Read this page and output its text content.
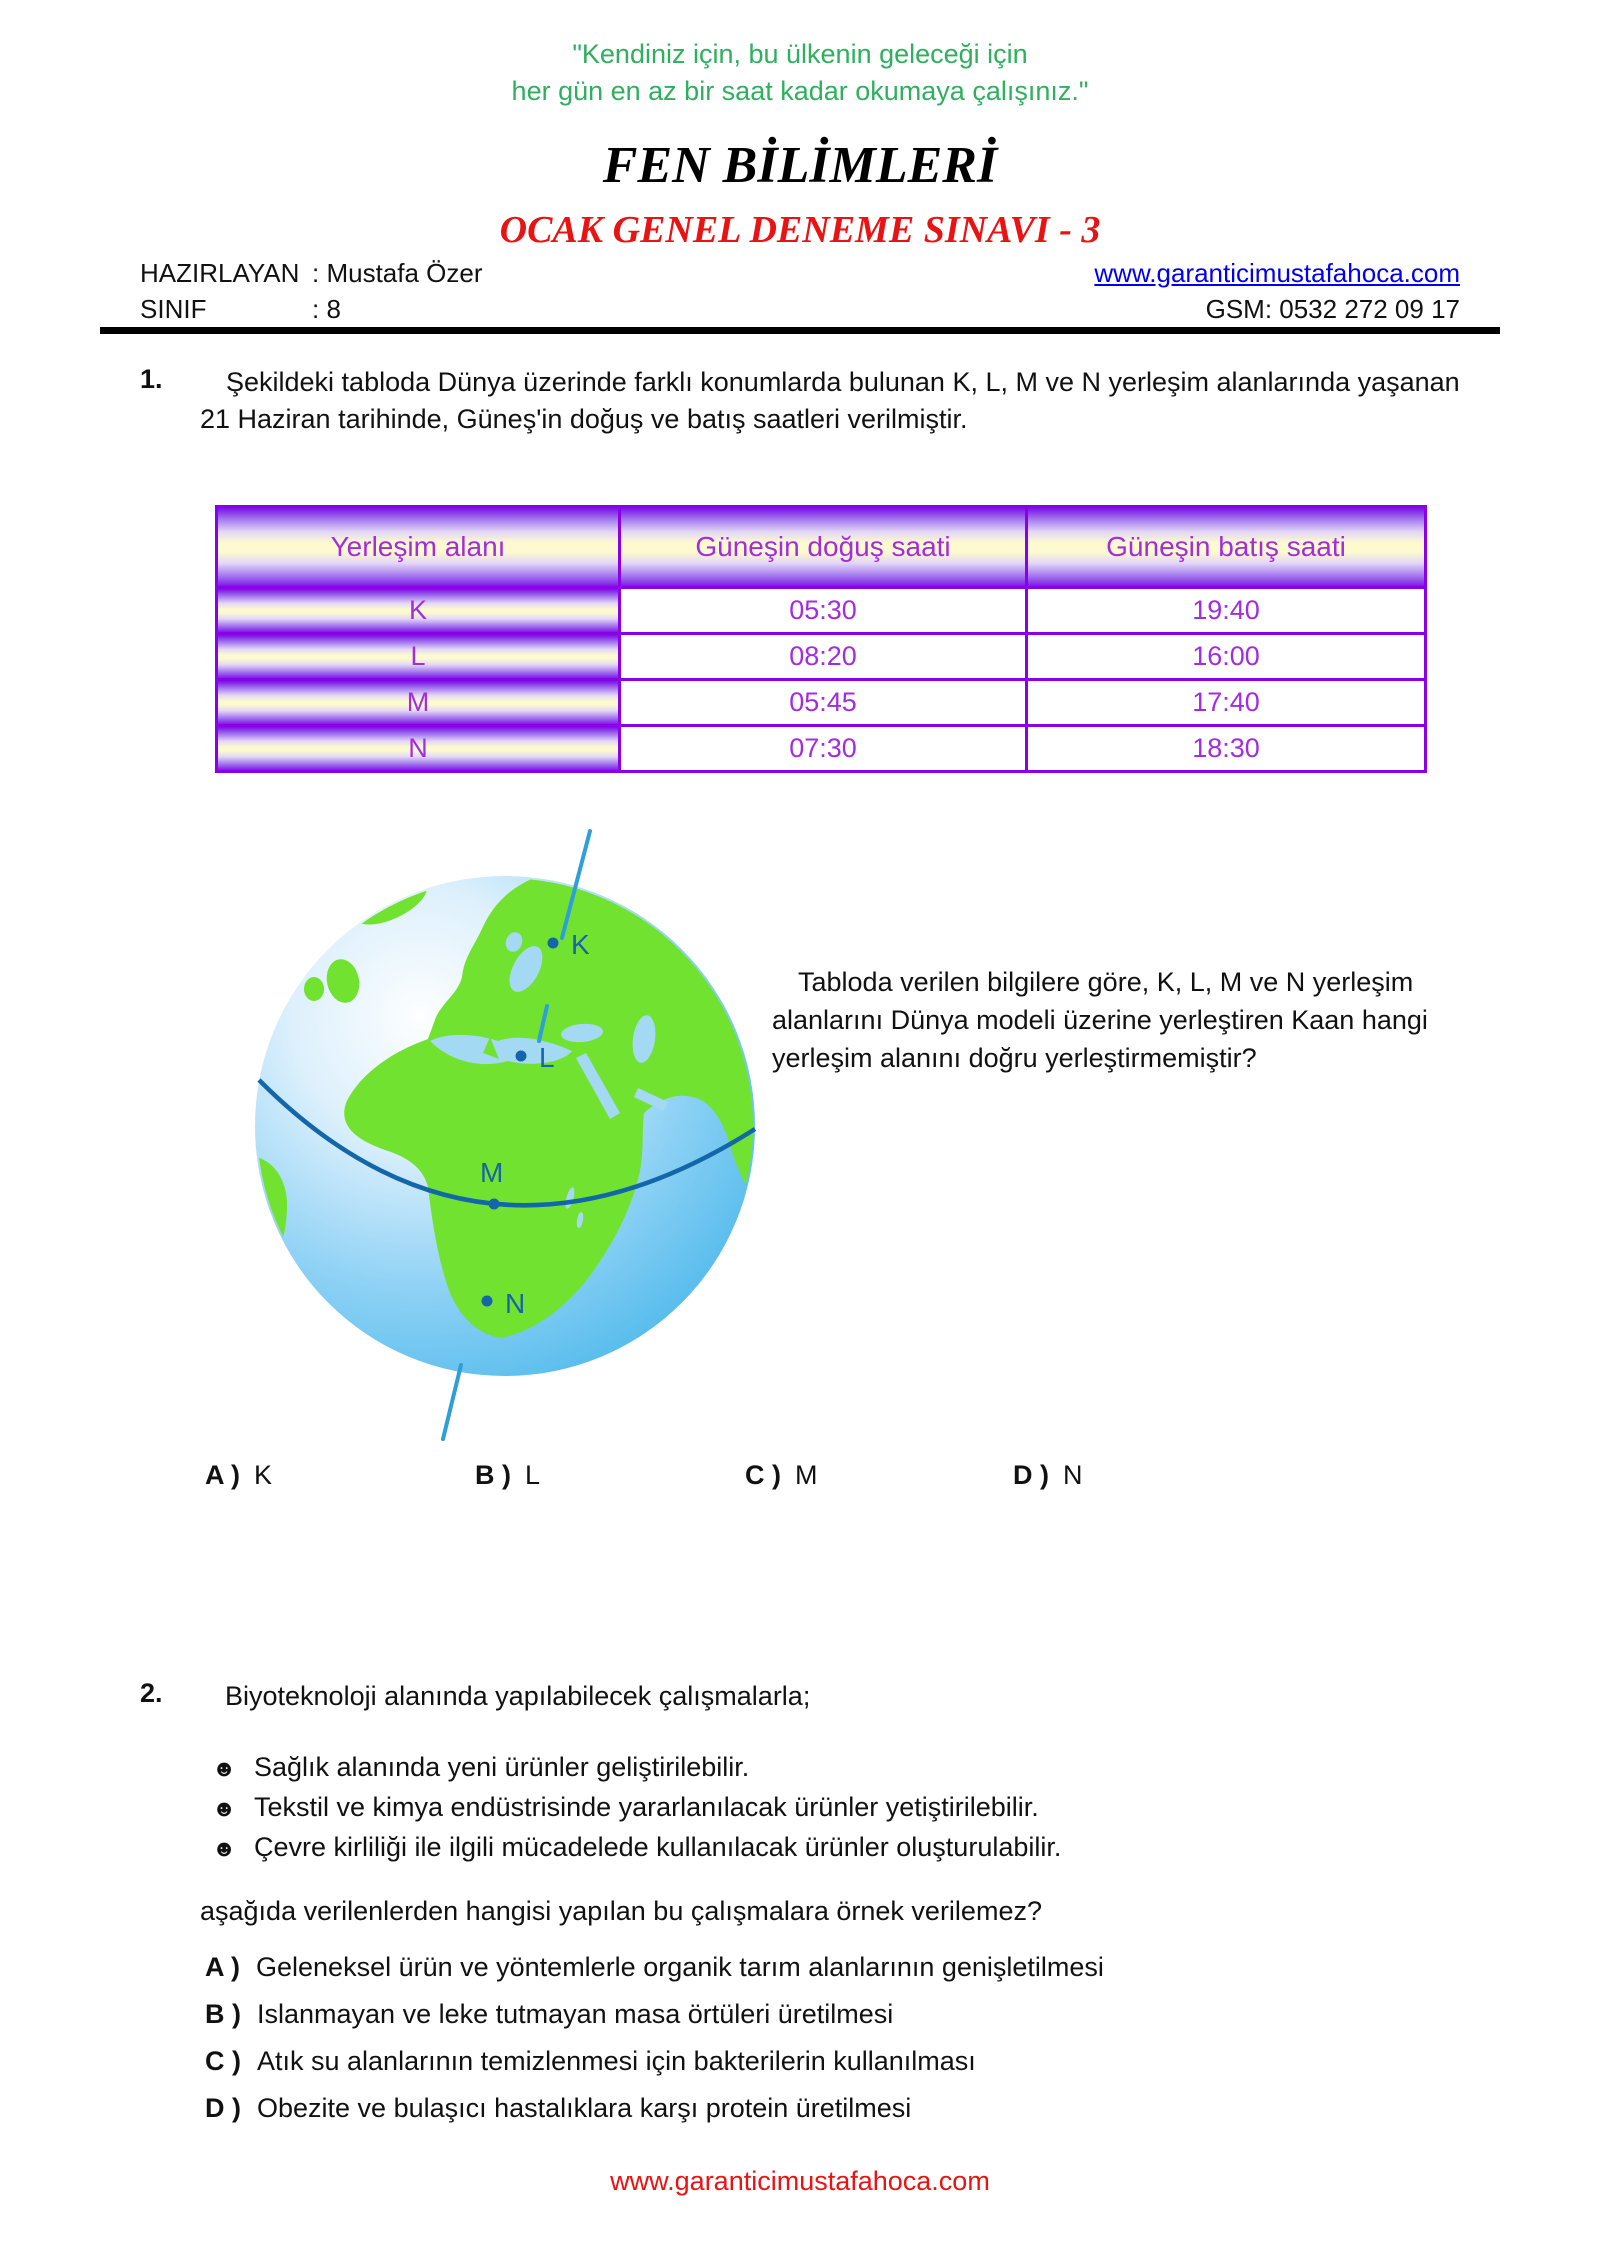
"Kendiniz için, bu ülkenin geleceği için
her gün en az bir saat kadar okumaya çalışınız."
FEN BİLİMLERİ
OCAK GENEL DENEME SINAVI - 3
HAZIRLAYAN : Mustafa Özer	www.garanticimustafahoca.com
SINIF	: 8	GSM: 0532 272 09 17
1.	Şekildeki tabloda Dünya üzerinde farklı konumlarda bulunan K, L, M ve N yerleşim alanlarında yaşanan 21 Haziran tarihinde, Güneş'in doğuş ve batış saatleri verilmiştir.
Yerleşim alanı	Güneşin doğuş saati	Güneşin batış saati
K	05:30	19:40
L	08:20	16:00
M	05:45	17:40
N	07:30	18:30
K
L
M
N
Tabloda verilen bilgilere göre, K, L, M ve N yerleşim alanlarını Dünya modeli üzerine yerleştiren Kaan hangi yerleşim alanını doğru yerleştirmemiştir?
A ) K	B ) L	C ) M	D ) N
2. Biyoteknoloji alanında yapılabilecek çalışmalarla;
☻ Sağlık alanında yeni ürünler geliştirilebilir.
☻ Tekstil ve kimya endüstrisinde yararlanılacak ürünler yetiştirilebilir.
☻ Çevre kirliliği ile ilgili mücadelede kullanılacak ürünler oluşturulabilir.
aşağıda verilenlerden hangisi yapılan bu çalışmalara örnek verilemez?
A ) Geleneksel ürün ve yöntemlerle organik tarım alanlarının genişletilmesi
B ) Islanmayan ve leke tutmayan masa örtüleri üretilmesi
C ) Atık su alanlarının temizlenmesi için bakterilerin kullanılması
D ) Obezite ve bulaşıcı hastalıklara karşı protein üretilmesi
www.garanticimustafahoca.com
